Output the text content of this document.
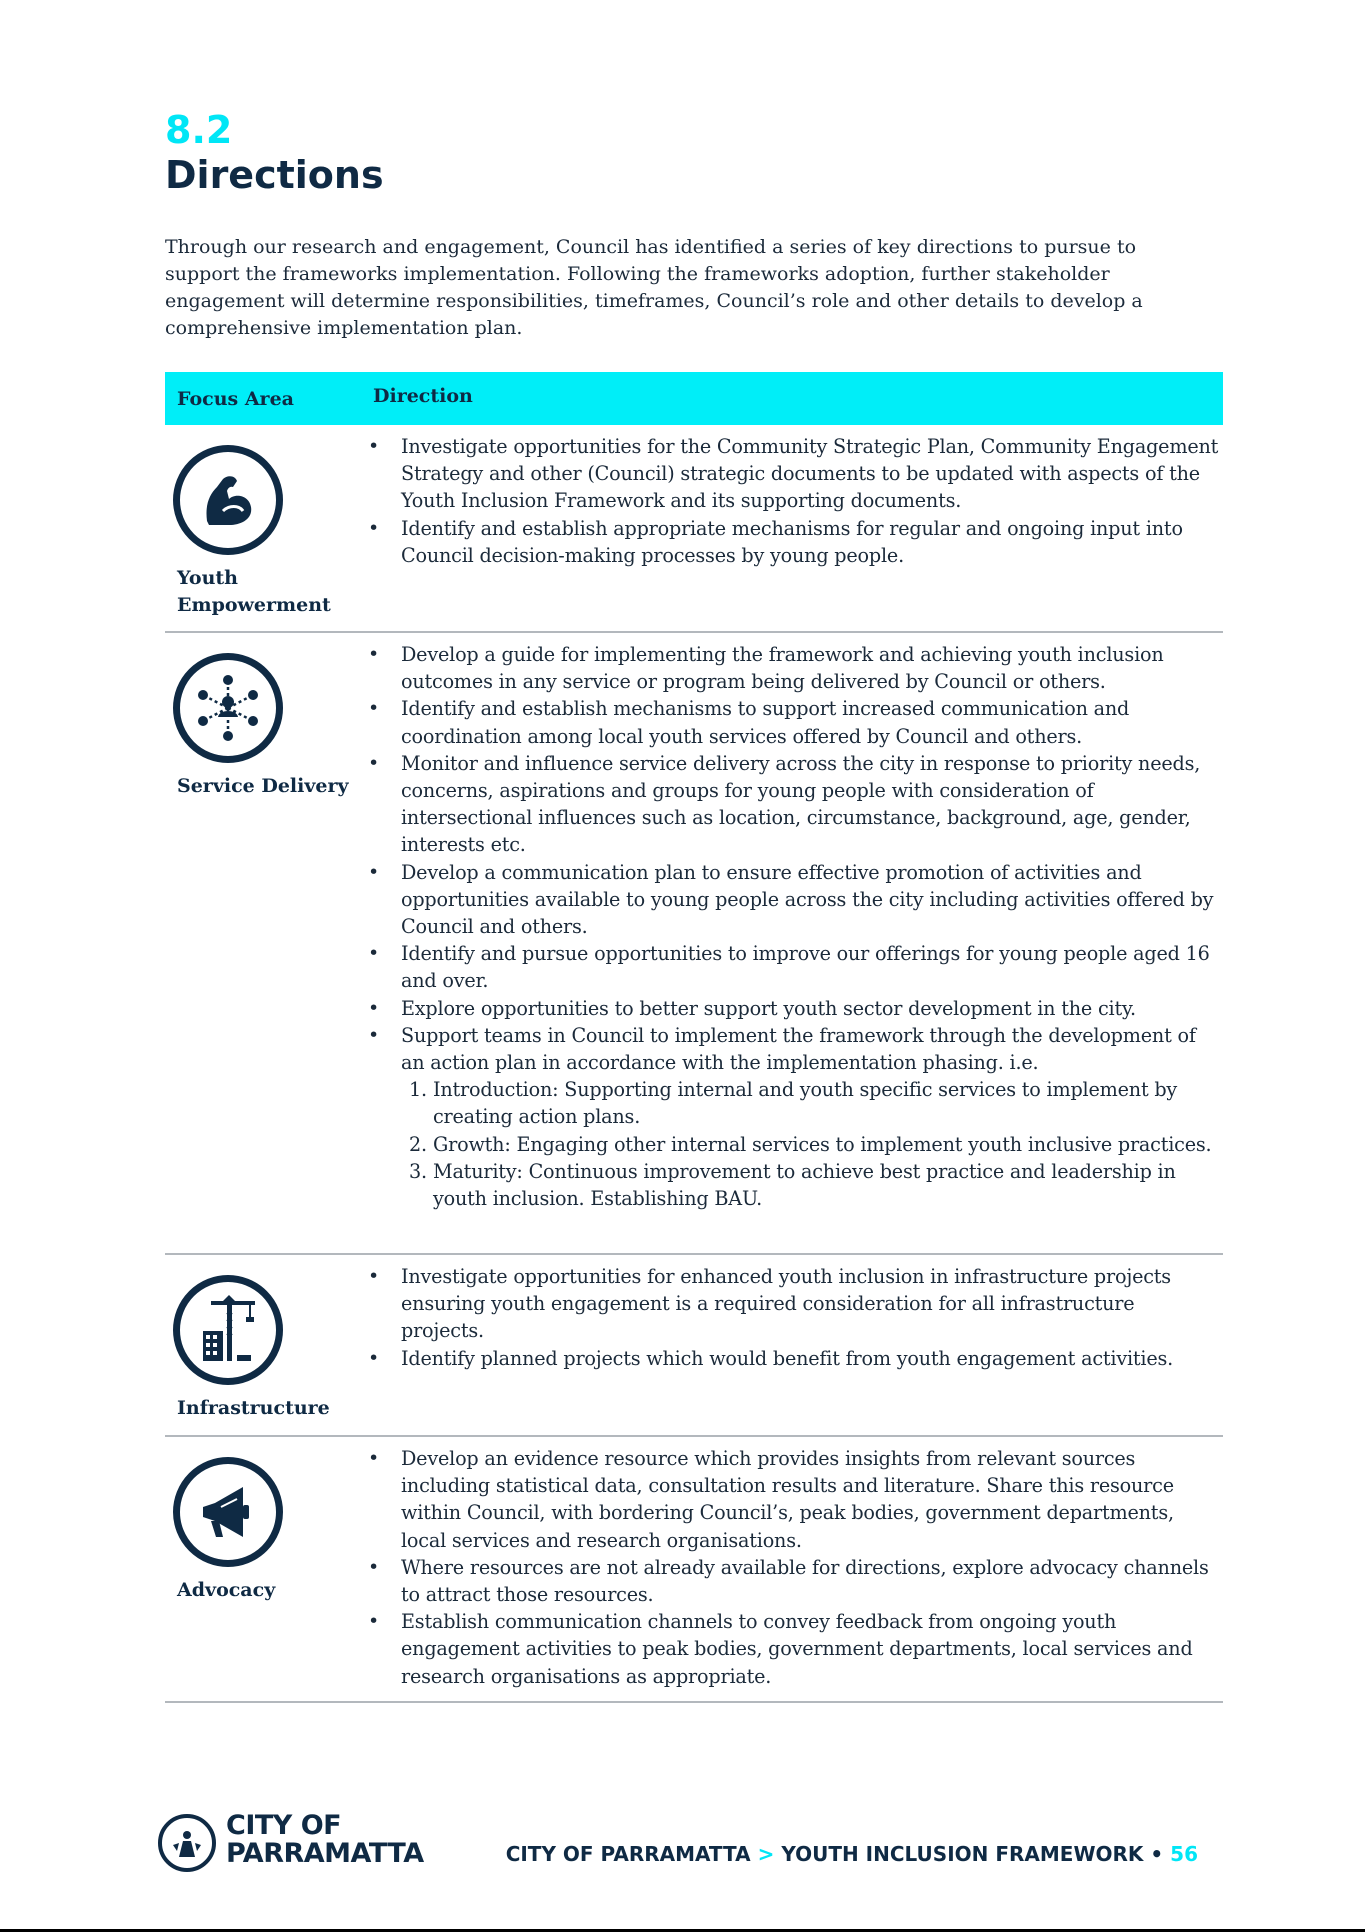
8.2
Directions

Through our research and engagement, Council has identified a series of key directions to pursue to support the frameworks implementation. Following the frameworks adoption, further stakeholder engagement will determine responsibilities, timeframes, Council’s role and other details to develop a comprehensive implementation plan.

Focus Area	Direction
Youth Empowerment
• Investigate opportunities for the Community Strategic Plan, Community Engagement Strategy and other (Council) strategic documents to be updated with aspects of the Youth Inclusion Framework and its supporting documents.
• Identify and establish appropriate mechanisms for regular and ongoing input into Council decision-making processes by young people.
Service Delivery
• Develop a guide for implementing the framework and achieving youth inclusion outcomes in any service or program being delivered by Council or others.
• Identify and establish mechanisms to support increased communication and coordination among local youth services offered by Council and others.
• Monitor and influence service delivery across the city in response to priority needs, concerns, aspirations and groups for young people with consideration of intersectional influences such as location, circumstance, background, age, gender, interests etc.
• Develop a communication plan to ensure effective promotion of activities and opportunities available to young people across the city including activities offered by Council and others.
• Identify and pursue opportunities to improve our offerings for young people aged 16 and over.
• Explore opportunities to better support youth sector development in the city.
• Support teams in Council to implement the framework through the development of an action plan in accordance with the implementation phasing. i.e.
1. Introduction: Supporting internal and youth specific services to implement by creating action plans.
2. Growth: Engaging other internal services to implement youth inclusive practices.
3. Maturity: Continuous improvement to achieve best practice and leadership in youth inclusion. Establishing BAU.
Infrastructure
• Investigate opportunities for enhanced youth inclusion in infrastructure projects ensuring youth engagement is a required consideration for all infrastructure projects.
• Identify planned projects which would benefit from youth engagement activities.
Advocacy
• Develop an evidence resource which provides insights from relevant sources including statistical data, consultation results and literature. Share this resource within Council, with bordering Council’s, peak bodies, government departments, local services and research organisations.
• Where resources are not already available for directions, explore advocacy channels to attract those resources.
• Establish communication channels to convey feedback from ongoing youth engagement activities to peak bodies, government departments, local services and research organisations as appropriate.
CITY OF
PARRAMATTA	CITY OF PARRAMATTA > YOUTH INCLUSION FRAMEWORK • 56
